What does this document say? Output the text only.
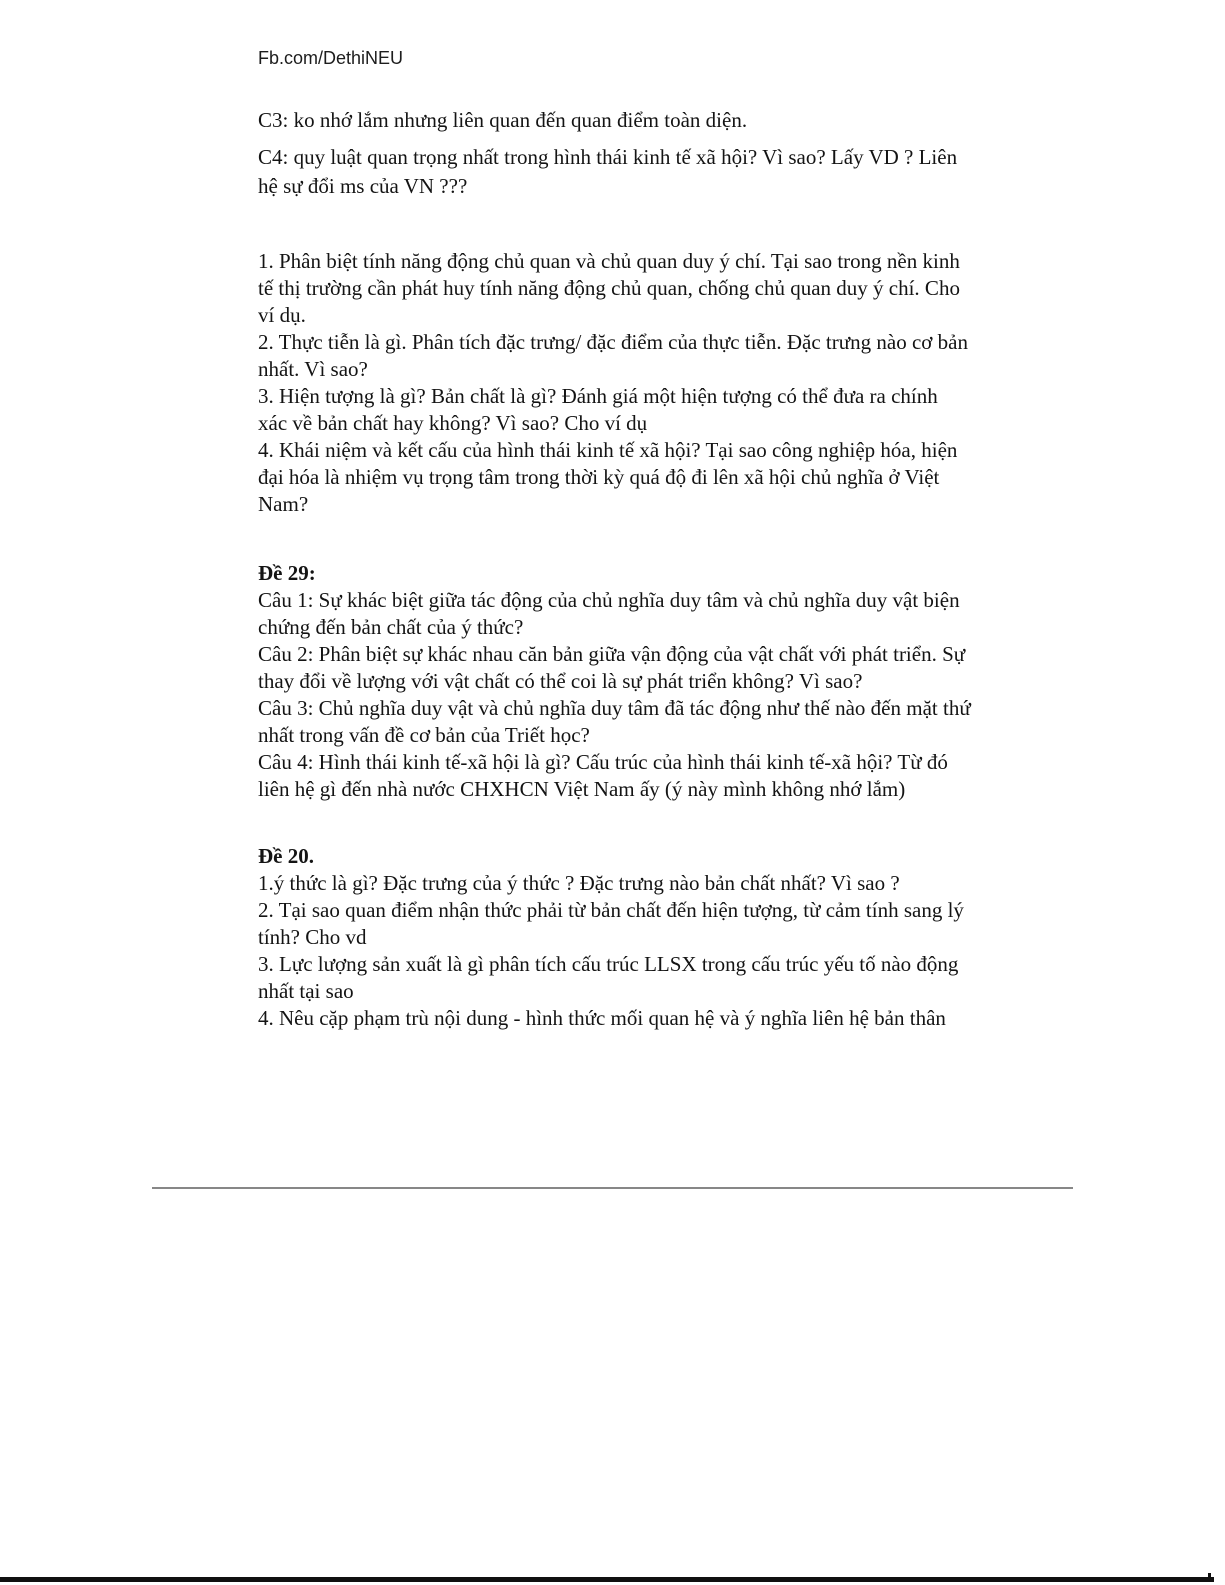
Fb.com/DethiNEU

C3: ko nhớ lắm nhưng liên quan đến quan điểm toàn diện.

C4: quy luật quan trọng nhất trong hình thái kinh tế xã hội? Vì sao? Lấy VD ? Liên hệ sự đổi ms của VN ???

1. Phân biệt tính năng động chủ quan và chủ quan duy ý chí. Tại sao trong nền kinh tế thị trường cần phát huy tính năng động chủ quan, chống chủ quan duy ý chí. Cho ví dụ.

2. Thực tiễn là gì. Phân tích đặc trưng/ đặc điểm của thực tiễn. Đặc trưng nào cơ bản nhất. Vì sao?

3. Hiện tượng là gì? Bản chất là gì? Đánh giá một hiện tượng có thể đưa ra chính xác về bản chất hay không? Vì sao? Cho ví dụ

4. Khái niệm và kết cấu của hình thái kinh tế xã hội? Tại sao công nghiệp hóa, hiện đại hóa là nhiệm vụ trọng tâm trong thời kỳ quá độ đi lên xã hội chủ nghĩa ở Việt Nam?

Đề 29:

Câu 1: Sự khác biệt giữa tác động của chủ nghĩa duy tâm và chủ nghĩa duy vật biện chứng đến bản chất của ý thức?

Câu 2: Phân biệt sự khác nhau căn bản giữa vận động của vật chất với phát triển. Sự thay đổi về lượng với vật chất có thể coi là sự phát triển không? Vì sao?

Câu 3: Chủ nghĩa duy vật và chủ nghĩa duy tâm đã tác động như thế nào đến mặt thứ nhất trong vấn đề cơ bản của Triết học?

Câu 4: Hình thái kinh tế-xã hội là gì? Cấu trúc của hình thái kinh tế-xã hội? Từ đó liên hệ gì đến nhà nước CHXHCN Việt Nam ấy (ý này mình không nhớ lắm)

Đề 20.

1.ý thức là gì? Đặc trưng của ý thức ? Đặc trưng nào bản chất nhất? Vì sao ?

2. Tại sao quan điểm nhận thức phải từ bản chất đến hiện tượng, từ cảm tính sang lý tính? Cho vd

3. Lực lượng sản xuất là gì phân tích cấu trúc LLSX trong cấu trúc yếu tố nào động nhất tại sao

4. Nêu cặp phạm trù nội dung - hình thức mối quan hệ và ý nghĩa liên hệ bản thân
